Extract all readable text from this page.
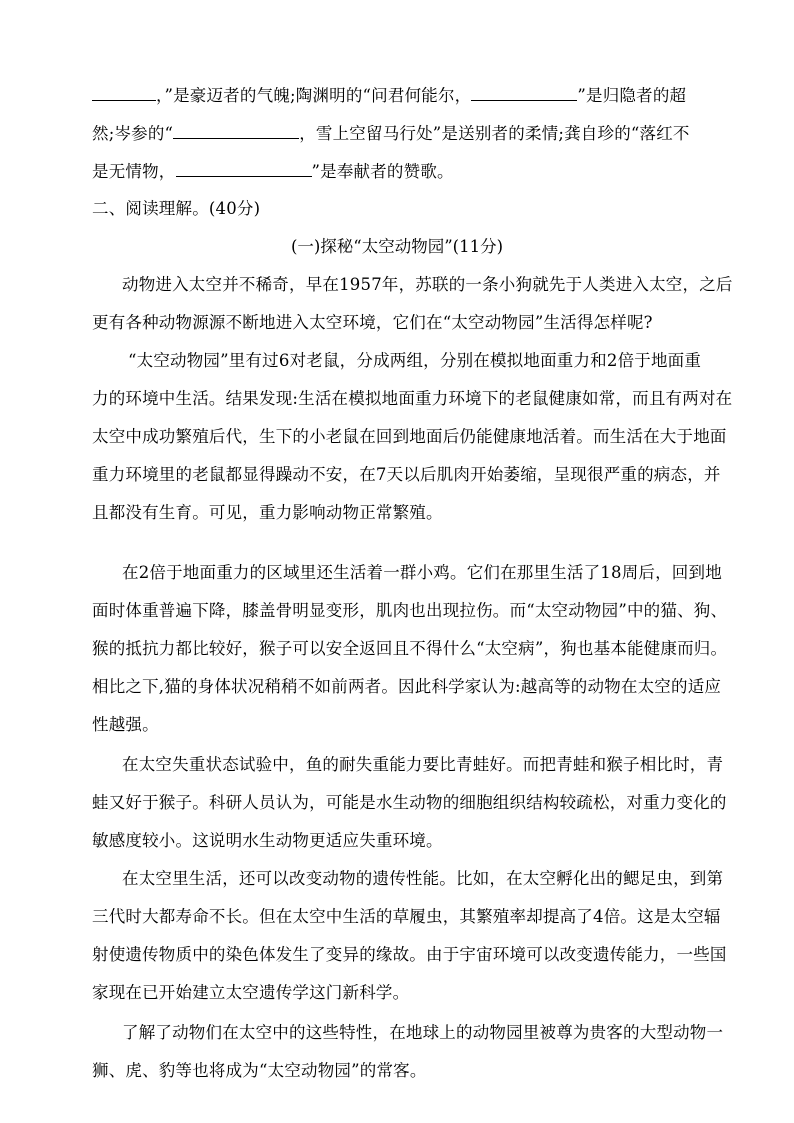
，”是豪迈者的气魄;陶渊明的“问君何能尔，	”是归隐者的超
然;岑参的“	，雪上空留马行处”是送别者的柔情;龚自珍的“落红不
是无情物，	”是奉献者的赞歌。
二、阅读理解。(40分)
(一)探秘“太空动物园”(11分)
动物进入太空并不稀奇，早在1957年，苏联的一条小狗就先于人类进入太空，之后
更有各种动物源源不断地进入太空环境，它们在“太空动物园”生活得怎样呢?
“太空动物园”里有过6对老鼠，分成两组，分别在模拟地面重力和2倍于地面重
力的环境中生活。结果发现:生活在模拟地面重力环境下的老鼠健康如常，而且有两对在
太空中成功繁殖后代，生下的小老鼠在回到地面后仍能健康地活着。而生活在大于地面
重力环境里的老鼠都显得躁动不安，在7天以后肌肉开始萎缩，呈现很严重的病态，并
且都没有生育。可见，重力影响动物正常繁殖。
在2倍于地面重力的区域里还生活着一群小鸡。它们在那里生活了18周后，回到地
面时体重普遍下降，膝盖骨明显变形，肌肉也出现拉伤。而“太空动物园”中的猫、狗、
猴的抵抗力都比较好，猴子可以安全返回且不得什么“太空病”，狗也基本能健康而归。
相比之下,猫的身体状况稍稍不如前两者。因此科学家认为:越高等的动物在太空的适应
性越强。
在太空失重状态试验中，鱼的耐失重能力要比青蛙好。而把青蛙和猴子相比时，青
蛙又好于猴子。科研人员认为，可能是水生动物的细胞组织结构较疏松，对重力变化的
敏感度较小。这说明水生动物更适应失重环境。
在太空里生活，还可以改变动物的遗传性能。比如，在太空孵化出的鳃足虫，到第
三代时大都寿命不长。但在太空中生活的草履虫，其繁殖率却提高了4倍。这是太空辐
射使遗传物质中的染色体发生了变异的缘故。由于宇宙环境可以改变遗传能力，一些国
家现在已开始建立太空遗传学这门新科学。
了解了动物们在太空中的这些特性，在地球上的动物园里被尊为贵客的大型动物一
狮、虎、豹等也将成为“太空动物园”的常客。
